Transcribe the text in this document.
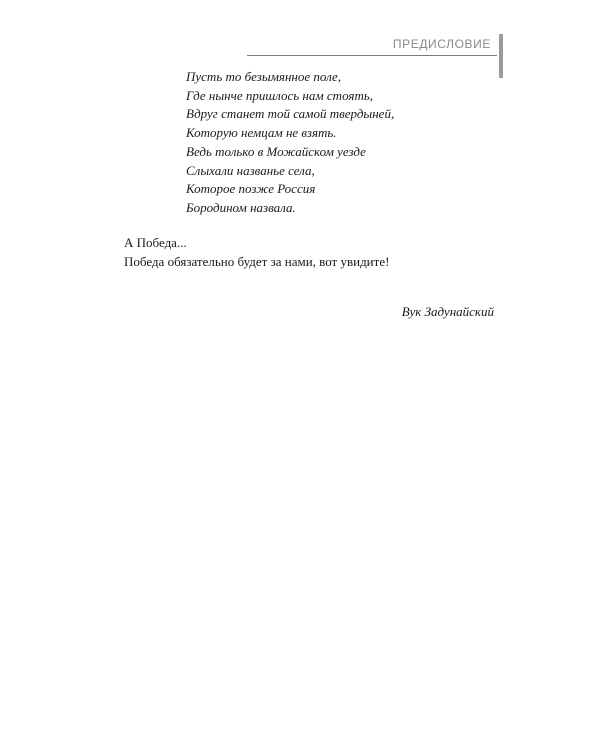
ПРЕДИСЛОВИЕ
Пусть то безымянное поле,
Где нынче пришлось нам стоять,
Вдруг станет той самой твердыней,
Которую немцам не взять.
Ведь только в Можайском уезде
Слыхали названье села,
Которое позже Россия
Бородином назвала.
А Победа...
Победа обязательно будет за нами, вот увидите!
Вук Задунайский
